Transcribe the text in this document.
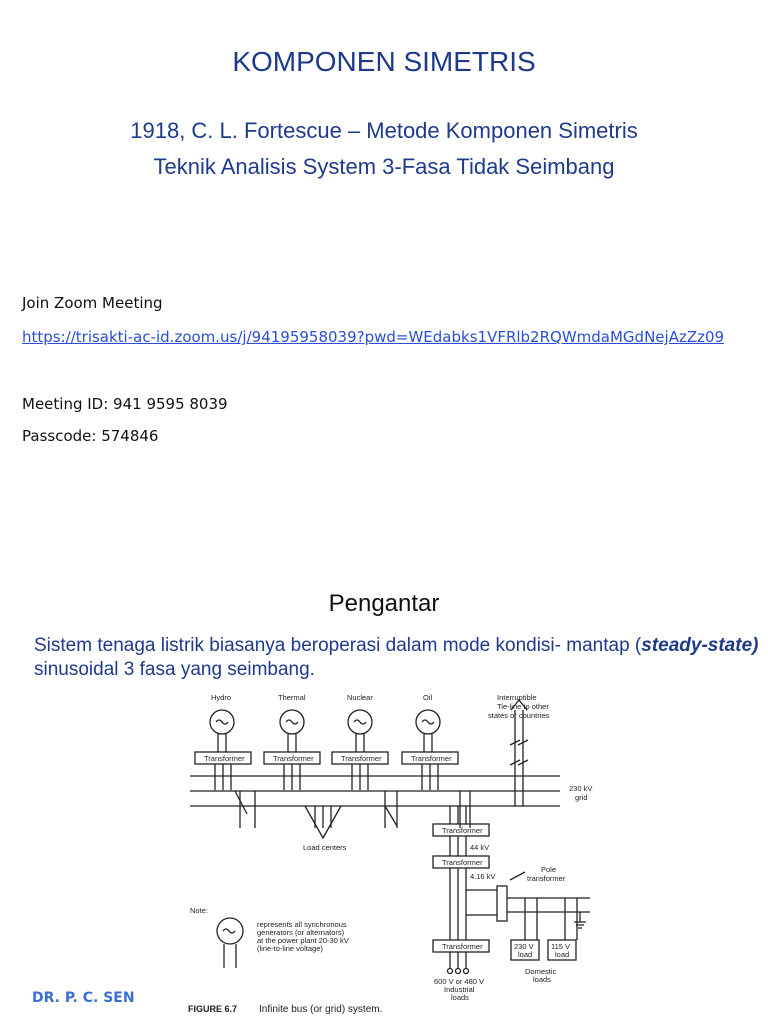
KOMPONEN SIMETRIS
1918, C. L. Fortescue – Metode Komponen Simetris
Teknik Analisis System 3-Fasa Tidak Seimbang
Join Zoom Meeting
https://trisakti-ac-id.zoom.us/j/94195958039?pwd=WEdabks1VFRlb2RQWmdaMGdNejAzZz09
Meeting ID: 941 9595 8039
Passcode: 574846
Pengantar
Sistem tenaga listrik biasanya beroperasi dalam mode kondisi- mantap (steady-state) sinusoidal 3 fasa yang seimbang.
Hydro	Thermal	Nuclear	Oil
Transformer	Transformer	Transformer	Transformer
Transformer
Transformer
Transformer
Interruptible
Tie-line to other
states or countries
230 kV
grid
Load centers	44 kV
4.16 kV
Pole
transformer
Note:
represents all synchronous
generators (or alternators)
at the power plant 20-30 kV
(line-to-line voltage)	230 V
load
115 V
load
600 V or 480 V
Industrial
loads
Domestic
loads
FIGURE 6.7 Infinite bus (or grid) system.
DR. P. C. SEN
